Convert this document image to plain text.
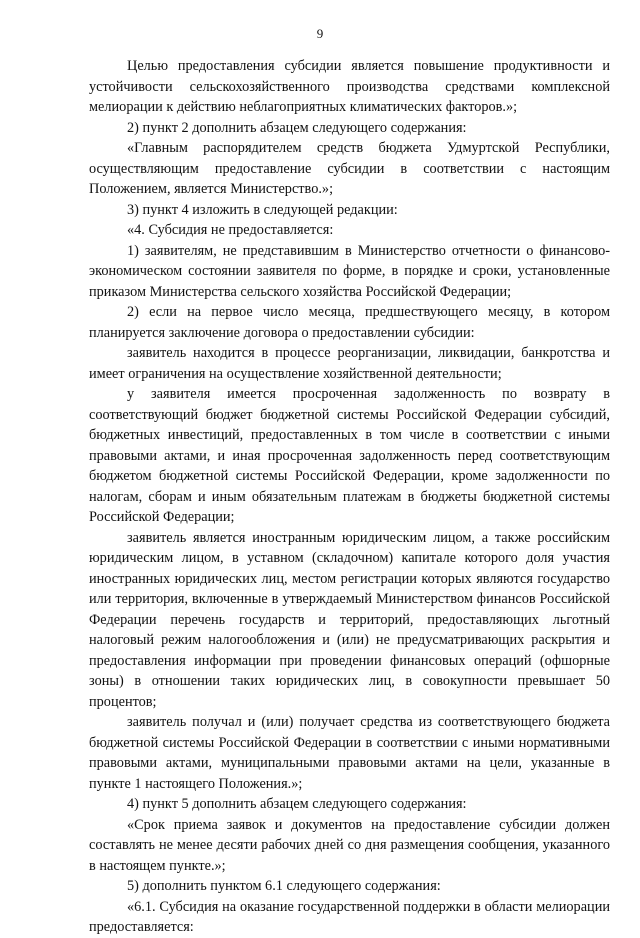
9

Целью предоставления субсидии является повышение продуктивности и устойчивости сельскохозяйственного производства средствами комплексной мелиорации к действию неблагоприятных климатических факторов.»;

2) пункт 2 дополнить абзацем следующего содержания:

«Главным распорядителем средств бюджета Удмуртской Республики, осуществляющим предоставление субсидии в соответствии с настоящим Положением, является Министерство.»;

3) пункт 4 изложить в следующей редакции:

«4. Субсидия не предоставляется:

1) заявителям, не представившим в Министерство отчетности о финансово-экономическом состоянии заявителя по форме, в порядке и сроки, установленные приказом Министерства сельского хозяйства Российской Федерации;

2) если на первое число месяца, предшествующего месяцу, в котором планируется заключение договора о предоставлении субсидии:

заявитель находится в процессе реорганизации, ликвидации, банкротства и имеет ограничения на осуществление хозяйственной деятельности;

у заявителя имеется просроченная задолженность по возврату в соответствующий бюджет бюджетной системы Российской Федерации субсидий, бюджетных инвестиций, предоставленных в том числе в соответствии с иными правовыми актами, и иная просроченная задолженность перед соответствующим бюджетом бюджетной системы Российской Федерации, кроме задолженности по налогам, сборам и иным обязательным платежам в бюджеты бюджетной системы Российской Федерации;

заявитель является иностранным юридическим лицом, а также российским юридическим лицом, в уставном (складочном) капитале которого доля участия иностранных юридических лиц, местом регистрации которых являются государство или территория, включенные в утверждаемый Министерством финансов Российской Федерации перечень государств и территорий, предоставляющих льготный налоговый режим налогообложения и (или) не предусматривающих раскрытия и предоставления информации при проведении финансовых операций (офшорные зоны) в отношении таких юридических лиц, в совокупности превышает 50 процентов;

заявитель получал и (или) получает средства из соответствующего бюджета бюджетной системы Российской Федерации в соответствии с иными нормативными правовыми актами, муниципальными правовыми актами на цели, указанные в пункте 1 настоящего Положения.»;

4) пункт 5 дополнить абзацем следующего содержания:

«Срок приема заявок и документов на предоставление субсидии должен составлять не менее десяти рабочих дней со дня размещения сообщения, указанного в настоящем пункте.»;

5) дополнить пунктом 6.1 следующего содержания:

«6.1. Субсидия на оказание государственной поддержки в области мелиорации предоставляется:
